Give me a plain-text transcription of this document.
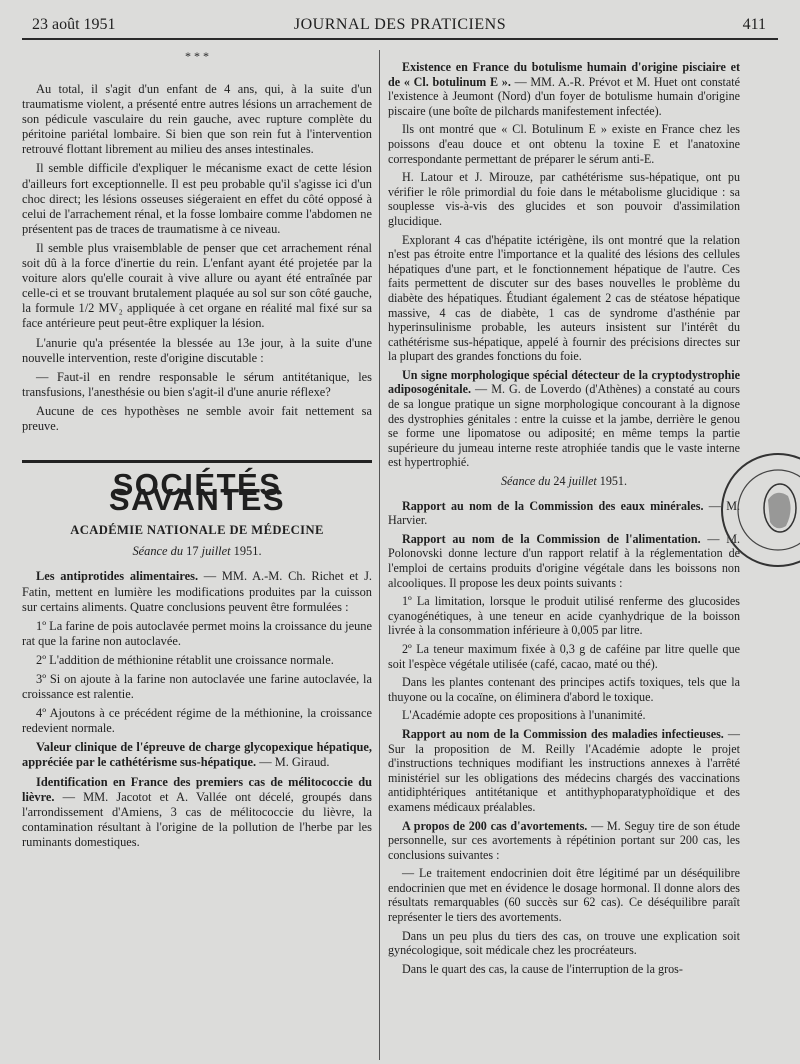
23 août 1951	JOURNAL DES PRATICIENS	411
* * *

Au total, il s'agit d'un enfant de 4 ans, qui, à la suite d'un traumatisme violent, a présenté entre autres lésions un arrachement de son pédicule vasculaire du rein gauche, avec rupture complète du péritoine pariétal lombaire. Si bien que son rein fut à l'intervention retrouvé flottant librement au milieu des anses intestinales.

Il semble difficile d'expliquer le mécanisme exact de cette lésion d'ailleurs fort exceptionnelle. Il est peu probable qu'il s'agisse ici d'un choc direct; les lésions osseuses siégeraient en effet du côté opposé à celui de l'arrachement rénal, et la fosse lombaire comme l'abdomen ne présentent pas de traces de traumatisme à ce niveau.

Il semble plus vraisemblable de penser que cet arrachement rénal soit dû à la force d'inertie du rein. L'enfant ayant été projetée par la voiture alors qu'elle courait à vive allure ou ayant été entraînée par celle-ci et se trouvant brutalement plaquée au sol sur son côté gauche, la formule 1/2 MV₂ appliquée à cet organe en réalité mal fixé sur sa face antérieure peut peut-être expliquer la lésion.

L'anurie qu'a présentée la blessée au 13e jour, à la suite d'une nouvelle intervention, reste d'origine discutable :

— Faut-il en rendre responsable le sérum antitétanique, les transfusions, l'anesthésie ou bien s'agit-il d'une anurie réflexe?

Aucune de ces hypothèses ne semble avoir fait nettement sa preuve.

SOCIÉTÉS SAVANTES
ACADÉMIE NATIONALE DE MÉDECINE
Séance du 17 juillet 1951.

Les antiprotides alimentaires. — MM. A.-M. Ch. Richet et J. Fatin, mettent en lumière les modifications produites par la cuisson sur certains aliments. Quatre conclusions peuvent être formulées :

1º La farine de pois autoclavée permet moins la croissance du jeune rat que la farine non autoclavée.

2º L'addition de méthionine rétablit une croissance normale.

3º Si on ajoute à la farine non autoclavée une farine autoclavée, la croissance est ralentie.

4º Ajoutons à ce précédent régime de la méthionine, la croissance redevient normale.

Valeur clinique de l'épreuve de charge glycopexique hépatique, appréciée par le cathétérisme sus-hépatique. — M. Giraud.

Identification en France des premiers cas de mélitococcie du lièvre. — MM. Jacotot et A. Vallée ont décelé, groupés dans l'arrondissement d'Amiens, 3 cas de mélitococcie du lièvre, la contamination résultant à l'origine de la pollution de l'herbe par les ruminants domestiques.

Existence en France du botulisme humain d'origine pisciaire et de « Cl. botulinum E ». — MM. A.-R. Prévot et M. Huet ont constaté l'existence à Jeumont (Nord) d'un foyer de botulisme humain d'origine piscaire (une boîte de pilchards manifestement infectée).

Ils ont montré que « Cl. Botulinum E » existe en France chez les poissons d'eau douce et ont obtenu la toxine E et l'anatoxine correspondante permettant de préparer le sérum anti-E.

H. Latour et J. Mirouze, par cathétérisme sus-hépatique, ont pu vérifier le rôle primordial du foie dans le métabolisme glucidique : sa souplesse vis-à-vis des glucides et son pouvoir d'assimilation glucidique.

Explorant 4 cas d'hépatite ictérigène, ils ont montré que la relation n'est pas étroite entre l'importance et la qualité des lésions des cellules hépatiques d'une part, et le fonctionnement hépatique de l'autre. Ces faits permettent de discuter sur des bases nouvelles le problème du diabète des hépatiques. Étudiant également 2 cas de stéatose hépatique massive, 4 cas de diabète, 1 cas de syndrome d'asthénie par hyperinsulinisme probable, les auteurs insistent sur l'intérêt du cathétérisme sus-hépatique, appelé à fournir des précisions directes sur la plupart des grandes fonctions du foie.

Un signe morphologique spécial détecteur de la cryptodystrophie adiposogénitale. — M. G. de Loverdo (d'Athènes) a constaté au cours de sa longue pratique un signe morphologique concourant à la dignose des dystrophies génitales : entre la cuisse et la jambe, derrière le genou se forme une lipomatose ou adiposité; en même temps la partie supérieure du jumeau interne reste atrophiée tandis que le vaste interne est hypertrophié.

Séance du 24 juillet 1951.

Rapport au nom de la Commission des eaux minérales. — M. Harvier.

Rapport au nom de la Commission de l'alimentation. — M. Polonovski donne lecture d'un rapport relatif à la réglementation de l'emploi de certains produits d'origine végétale dans les boissons non alcooliques. Il propose les deux points suivants :

1º La limitation, lorsque le produit utilisé renferme des glucosides cyanogénétiques, à une teneur en acide cyanhydrique de la boisson livrée à la consommation inférieure à 0,005 par litre.

2º La teneur maximum fixée à 0,3 g de caféine par litre quelle que soit l'espèce végétale utilisée (café, cacao, maté ou thé).

Dans les plantes contenant des principes actifs toxiques, tels que la thuyone ou la cocaïne, on éliminera d'abord le toxique.

L'Académie adopte ces propositions à l'unanimité.

Rapport au nom de la Commission des maladies infectieuses. — Sur la proposition de M. Reilly l'Académie adopte le projet d'instructions techniques modifiant les instructions annexes à l'arrêté ministériel sur les obligations des médecins chargés des vaccinations antidiphtériques antitétanique et antithyphoparatyphoïdique et des examens médicaux préalables.

A propos de 200 cas d'avortements. — M. Seguy tire de son étude personnelle, sur ces avortements à répétinion portant sur 200 cas, les conclusions suivantes :

— Le traitement endocrinien doit être légitimé par un déséquilibre endocrinien que met en évidence le dosage hormonal. Il donne alors des résultats remarquables (60 succès sur 62 cas). Ce déséquilibre paraît représenter le tiers des avortements.

Dans un peu plus du tiers des cas, on trouve une explication soit gynécologique, soit médicale chez les procréateurs.

Dans le quart des cas, la cause de l'interruption de la gros-
